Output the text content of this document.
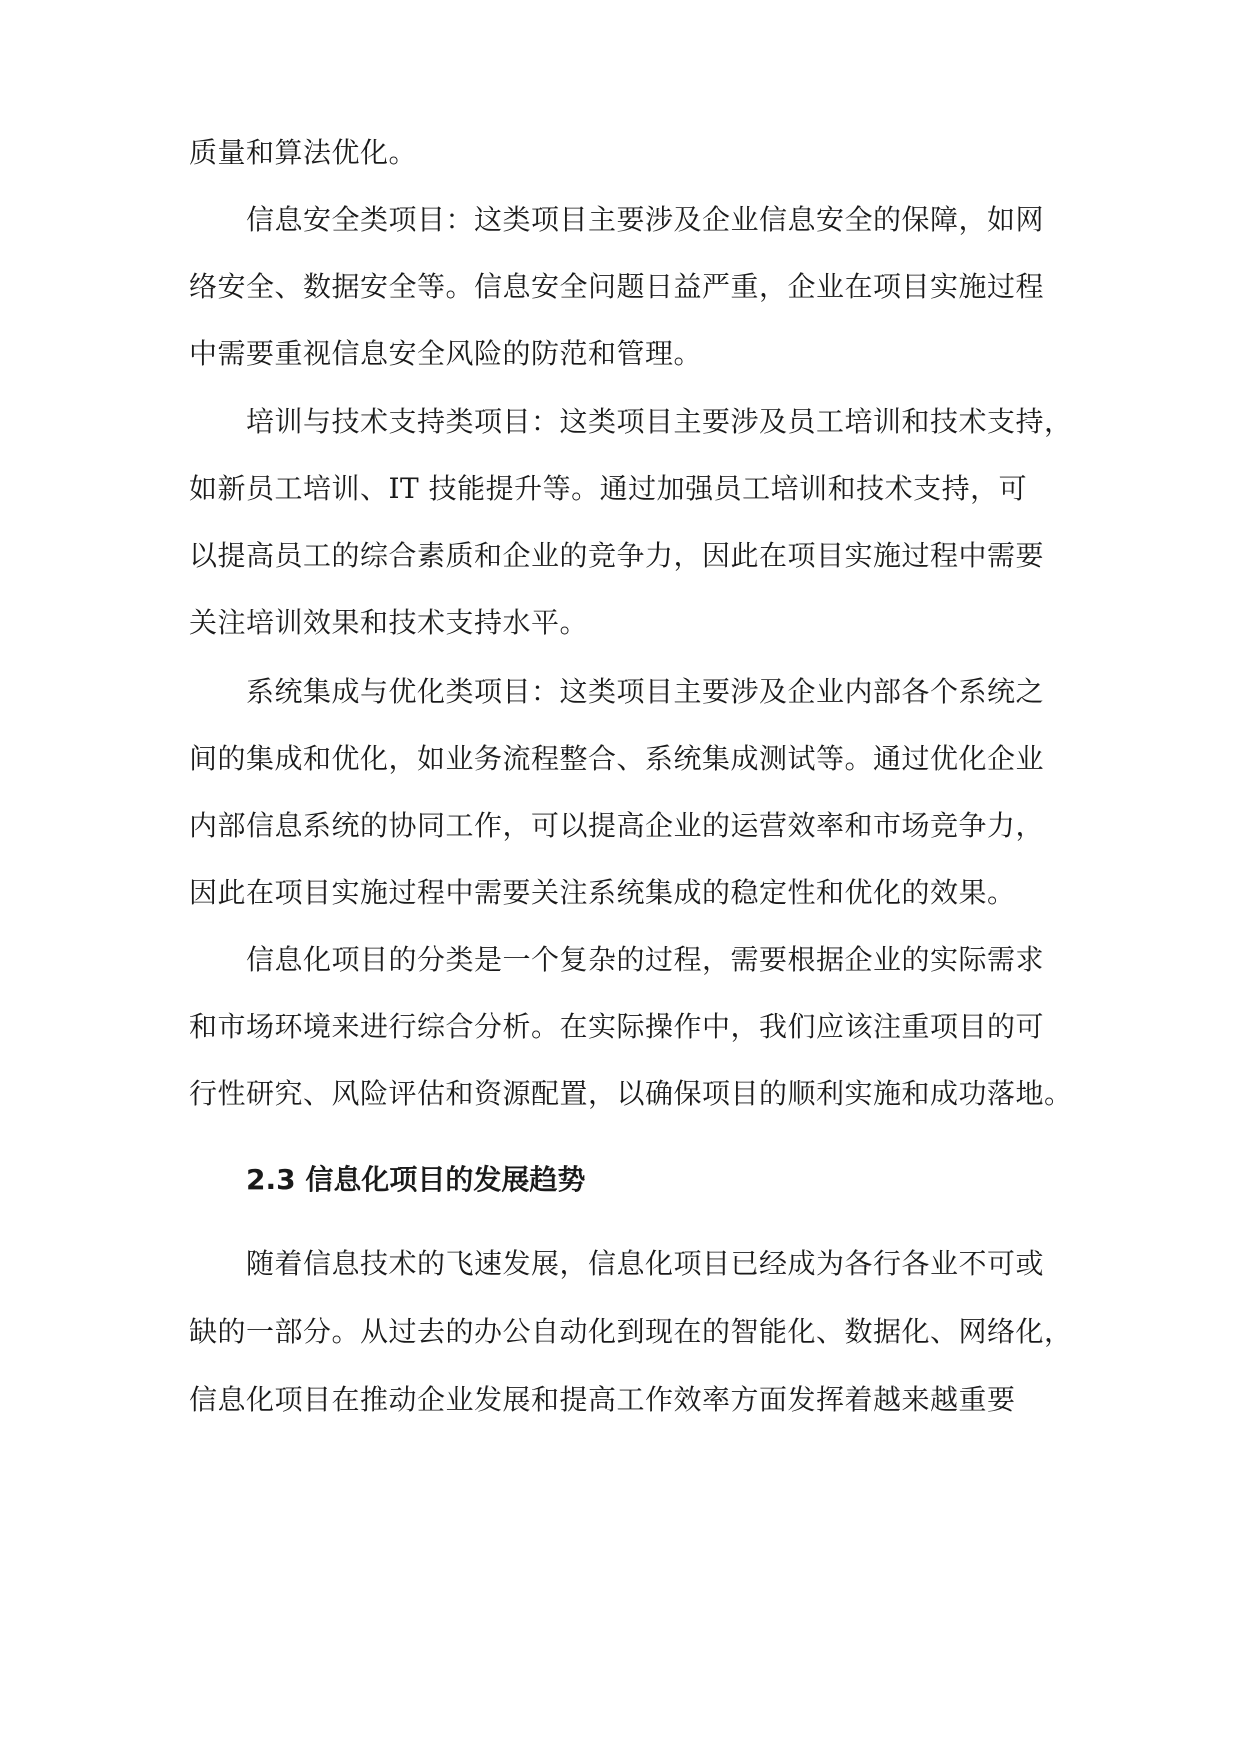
质量和算法优化。
信息安全类项目：这类项目主要涉及企业信息安全的保障，如网
络安全、数据安全等。信息安全问题日益严重，企业在项目实施过程
中需要重视信息安全风险的防范和管理。
培训与技术支持类项目：这类项目主要涉及员工培训和技术支持，
如新员工培训、IT 技能提升等。通过加强员工培训和技术支持，可
以提高员工的综合素质和企业的竞争力，因此在项目实施过程中需要
关注培训效果和技术支持水平。
系统集成与优化类项目：这类项目主要涉及企业内部各个系统之
间的集成和优化，如业务流程整合、系统集成测试等。通过优化企业
内部信息系统的协同工作，可以提高企业的运营效率和市场竞争力，
因此在项目实施过程中需要关注系统集成的稳定性和优化的效果。
信息化项目的分类是一个复杂的过程，需要根据企业的实际需求
和市场环境来进行综合分析。在实际操作中，我们应该注重项目的可
行性研究、风险评估和资源配置，以确保项目的顺利实施和成功落地。
2.3 信息化项目的发展趋势
随着信息技术的飞速发展，信息化项目已经成为各行各业不可或
缺的一部分。从过去的办公自动化到现在的智能化、数据化、网络化，
信息化项目在推动企业发展和提高工作效率方面发挥着越来越重要
